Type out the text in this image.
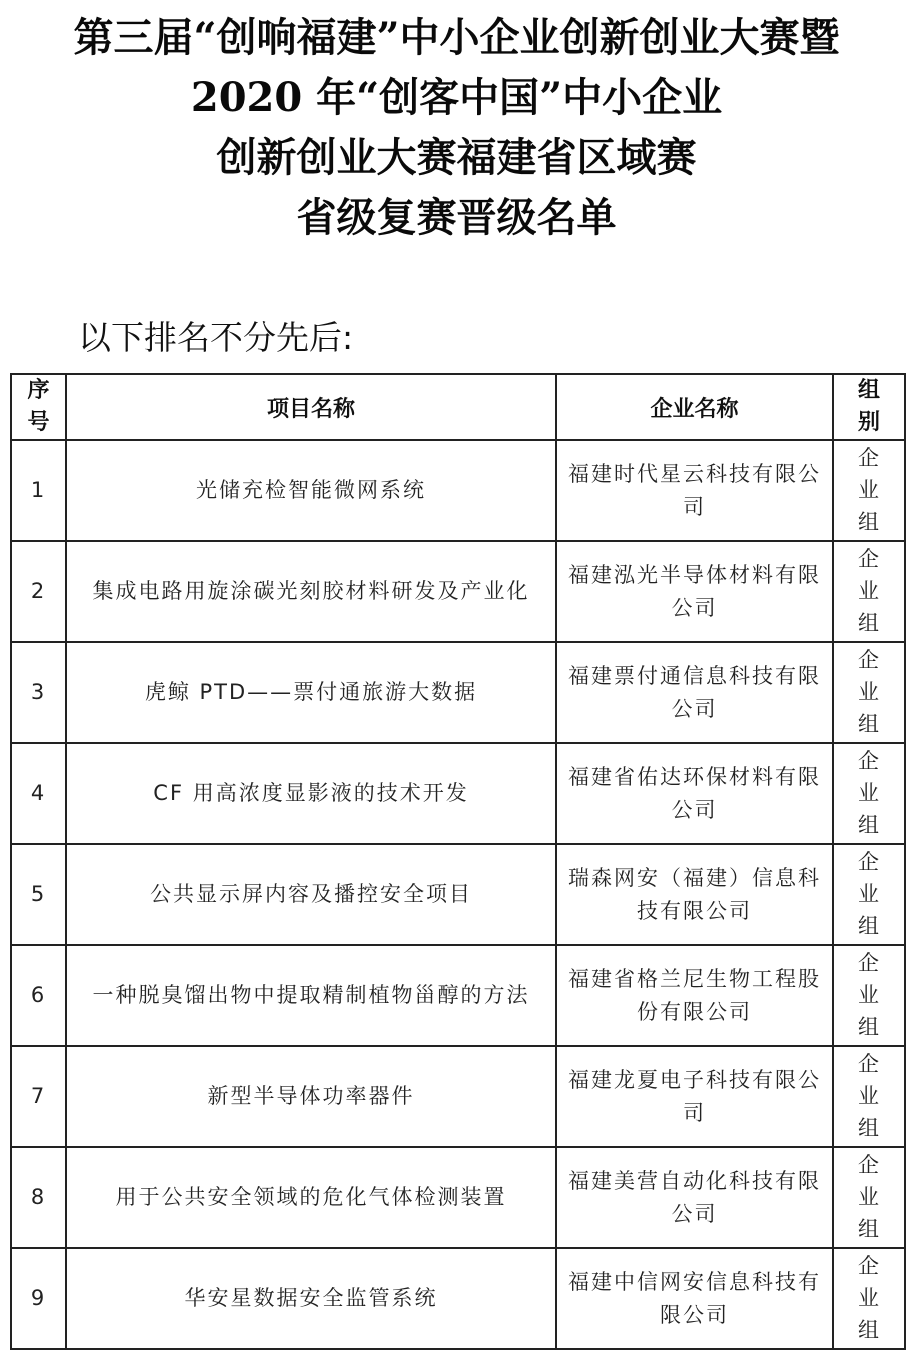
第三届“创响福建”中小企业创新创业大赛暨
2020 年“创客中国”中小企业
创新创业大赛福建省区域赛
省级复赛晋级名单
以下排名不分先后:
序号	项目名称	企业名称	组别
1	光储充检智能微网系统	福建时代星云科技有限公司	企业组
2	集成电路用旋涂碳光刻胶材料研发及产业化	福建泓光半导体材料有限公司	企业组
3	虎鲸 PTD——票付通旅游大数据	福建票付通信息科技有限公司	企业组
4	CF 用高浓度显影液的技术开发	福建省佑达环保材料有限公司	企业组
5	公共显示屏内容及播控安全项目	瑞森网安（福建）信息科技有限公司	企业组
6	一种脱臭馏出物中提取精制植物甾醇的方法	福建省格兰尼生物工程股份有限公司	企业组
7	新型半导体功率器件	福建龙夏电子科技有限公司	企业组
8	用于公共安全领域的危化气体检测装置	福建美营自动化科技有限公司	企业组
9	华安星数据安全监管系统	福建中信网安信息科技有限公司	企业组
